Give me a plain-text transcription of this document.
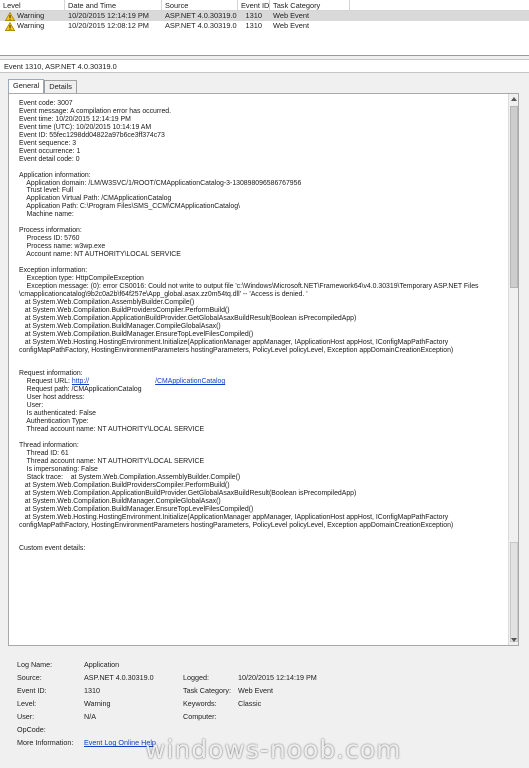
Level	Date and Time	Source	Event ID Task Category
Warning	10/20/2015 12:14:19 PM	ASP.NET 4.0.30319.0	1310	Web Event
Warning	10/20/2015 12:08:12 PM	ASP.NET 4.0.30319.0	1310	Web Event
Event 1310, ASP.NET 4.0.30319.0
General	Details
Event code: 3007
Event message: A compilation error has occurred.
Event time: 10/20/2015 12:14:19 PM
Event time (UTC): 10/20/2015 10:14:19 AM
Event ID: 55fec1298dd04822a97b6ce3ff374c73
Event sequence: 3
Event occurrence: 1
Event detail code: 0

Application information:
Application domain: /LM/W3SVC/1/ROOT/CMApplicationCatalog-3-130898096586767956
Trust level: Full
Application Virtual Path: /CMApplicationCatalog
Application Path: C:\Program Files\SMS_CCM\CMApplicationCatalog\
Machine name:

Process information:
Process ID: 5760
Process name: w3wp.exe
Account name: NT AUTHORITY\LOCAL SERVICE

Exception information:
Exception type: HttpCompileException
Exception message: (0): error CS0016: Could not write to output file 'c:\Windows\Microsoft.NET\Framework64\v4.0.30319\Temporary ASP.NET Files
\cmapplicationcatalog\9b2c0a2b\f64f257e\App_global.asax.zz0m54tq.dll' -- 'Access is denied. '
at System.Web.Compilation.AssemblyBuilder.Compile()
at System.Web.Compilation.BuildProvidersCompiler.PerformBuild()
at System.Web.Compilation.ApplicationBuildProvider.GetGlobalAsaxBuildResult(Boolean isPrecompiledApp)
at System.Web.Compilation.BuildManager.CompileGlobalAsax()
at System.Web.Compilation.BuildManager.EnsureTopLevelFilesCompiled()
at System.Web.Hosting.HostingEnvironment.Initialize(ApplicationManager appManager, IApplicationHost appHost, IConfigMapPathFactory
configMapPathFactory, HostingEnvironmentParameters hostingParameters, PolicyLevel policyLevel, Exception appDomainCreationException)

Request information:
Request URL: http://	/CMApplicationCatalog
Request path: /CMApplicationCatalog
User host address:
User:
Is authenticated: False
Authentication Type:
Thread account name: NT AUTHORITY\LOCAL SERVICE

Thread information:
Thread ID: 61
Thread account name: NT AUTHORITY\LOCAL SERVICE
Is impersonating: False
Stack trace:    at System.Web.Compilation.AssemblyBuilder.Compile()
at System.Web.Compilation.BuildProvidersCompiler.PerformBuild()
at System.Web.Compilation.ApplicationBuildProvider.GetGlobalAsaxBuildResult(Boolean isPrecompiledApp)
at System.Web.Compilation.BuildManager.CompileGlobalAsax()
at System.Web.Compilation.BuildManager.EnsureTopLevelFilesCompiled()
at System.Web.Hosting.HostingEnvironment.Initialize(ApplicationManager appManager, IApplicationHost appHost, IConfigMapPathFactory
configMapPathFactory, HostingEnvironmentParameters hostingParameters, PolicyLevel policyLevel, Exception appDomainCreationException)

Custom event details:
Log Name:	Application
Source:	ASP.NET 4.0.30319.0	Logged:	10/20/2015 12:14:19 PM
Event ID:	1310	Task Category: Web Event
Level:	Warning	Keywords:	Classic
User:	N/A	Computer:
OpCode:
More Information: Event Log Online Help
windows-noob.com
